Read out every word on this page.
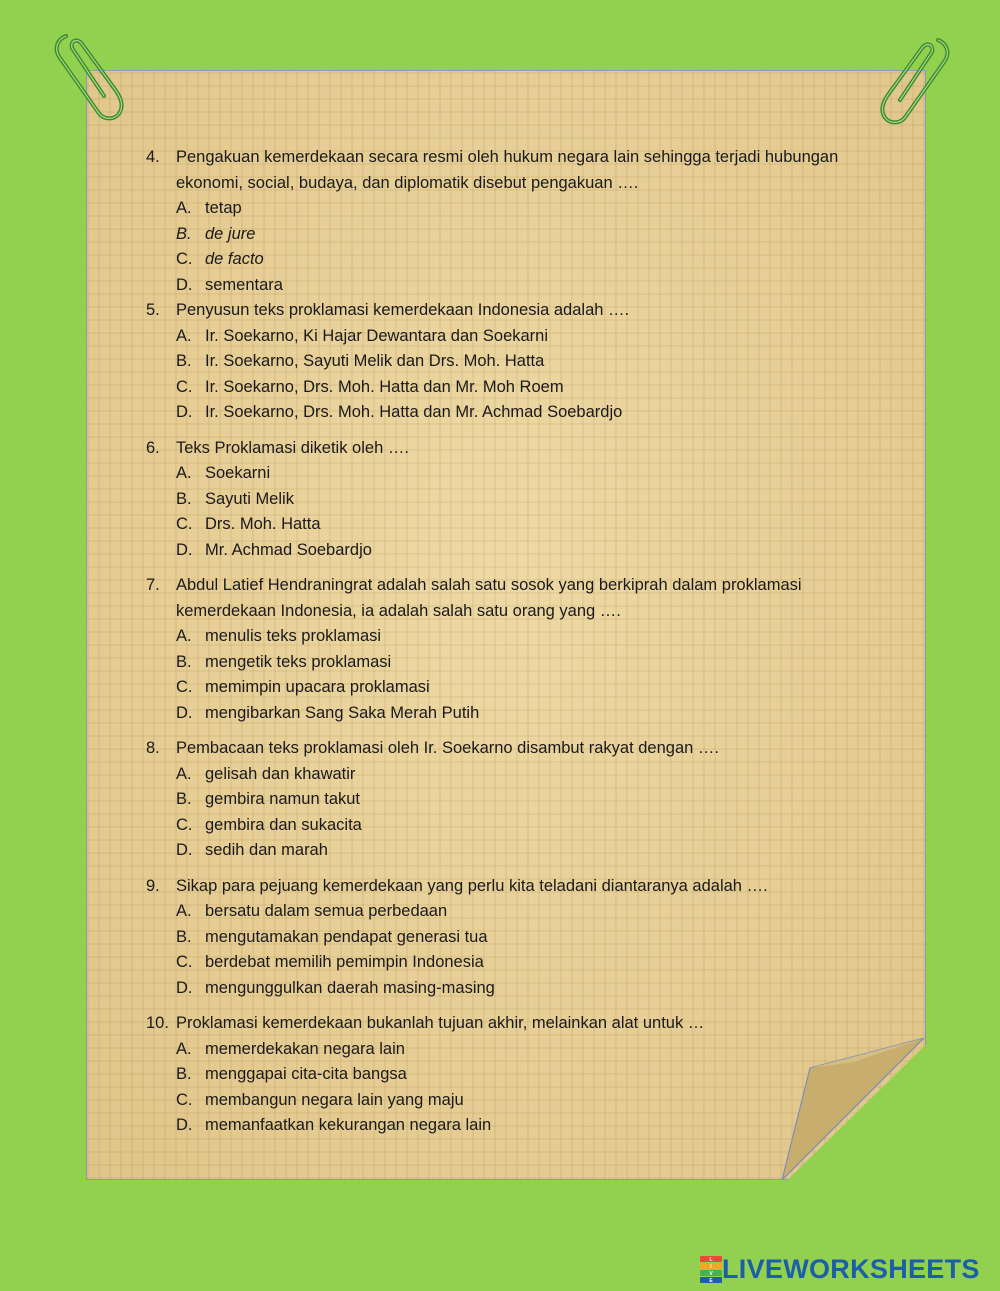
4. Pengakuan kemerdekaan secara resmi oleh hukum negara lain sehingga terjadi hubungan ekonomi, social, budaya, dan diplomatik disebut pengakuan ….
A. tetap
B. de jure
C. de facto
D. sementara
5. Penyusun teks proklamasi kemerdekaan Indonesia adalah ….
A. Ir. Soekarno, Ki Hajar Dewantara dan Soekarni
B. Ir. Soekarno, Sayuti Melik dan Drs. Moh. Hatta
C. Ir. Soekarno, Drs. Moh. Hatta dan Mr. Moh Roem
D. Ir. Soekarno, Drs. Moh. Hatta dan Mr. Achmad Soebardjo
6. Teks Proklamasi diketik oleh ….
A. Soekarni
B. Sayuti Melik
C. Drs. Moh. Hatta
D. Mr. Achmad Soebardjo
7. Abdul Latief Hendraningrat adalah salah satu sosok yang berkiprah dalam proklamasi kemerdekaan Indonesia, ia adalah salah satu orang yang ….
A. menulis teks proklamasi
B. mengetik teks proklamasi
C. memimpin upacara proklamasi
D. mengibarkan Sang Saka Merah Putih
8. Pembacaan teks proklamasi oleh Ir. Soekarno disambut rakyat dengan ….
A. gelisah dan khawatir
B. gembira namun takut
C. gembira dan sukacita
D. sedih dan marah
9. Sikap para pejuang kemerdekaan yang perlu kita teladani diantaranya adalah ….
A. bersatu dalam semua perbedaan
B. mengutamakan pendapat generasi tua
C. berdebat memilih pemimpin Indonesia
D. mengunggulkan daerah masing-masing
10. Proklamasi kemerdekaan bukanlah tujuan akhir, melainkan alat untuk …
A. memerdekakan negara lain
B. menggapai cita-cita bangsa
C. membangun negara lain yang maju
D. memanfaatkan kekurangan negara lain
L
I
V
E LIVEWORKSHEETS
